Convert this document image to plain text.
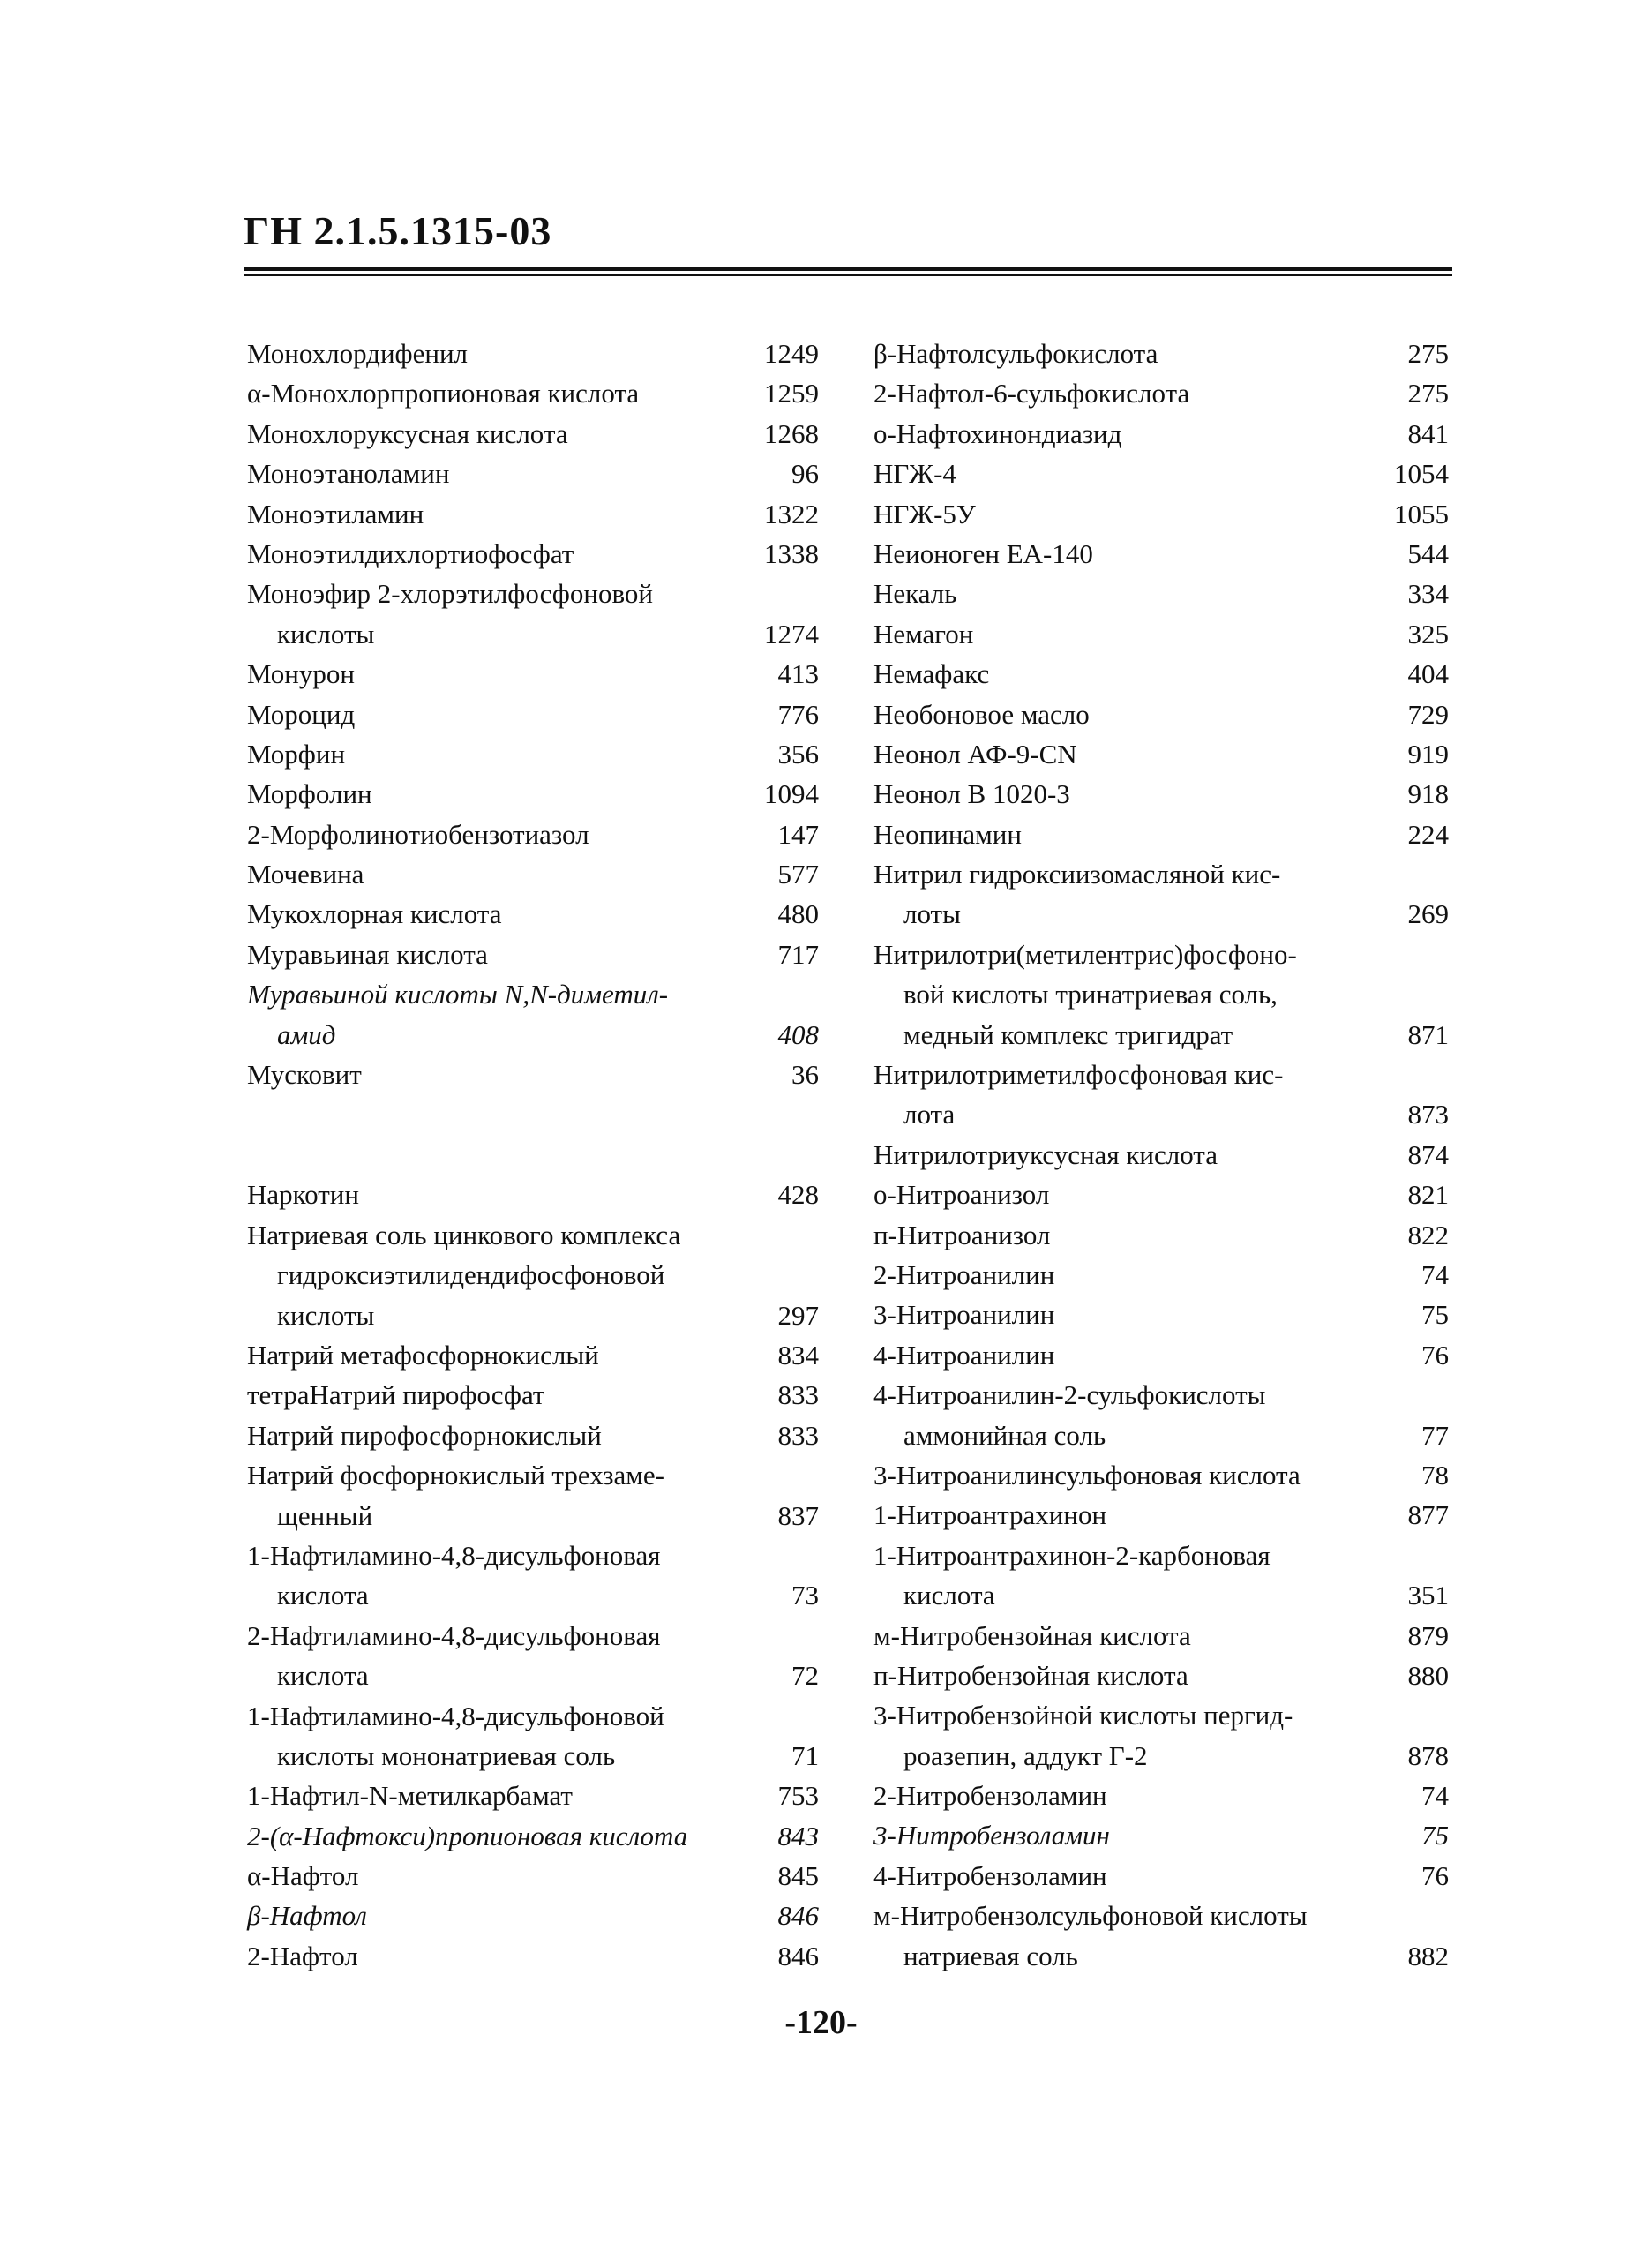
ГН 2.1.5.1315-03
Монохлордифенил	1249
α-Монохлорпропионовая кислота	1259
Монохлоруксусная кислота	1268
Моноэтаноламин	96
Моноэтиламин	1322
Моноэтилдихлортиофосфат	1338
Моноэфир 2-хлорэтилфосфоновой
кислоты	1274
Монурон	413
Мороцид	776
Морфин	356
Морфолин	1094
2-Морфолинотиобензотиазол	147
Мочевина	577
Мукохлорная кислота	480
Муравьиная кислота	717
Муравьиной кислоты N,N-диметил-
амид	408
Мусковит	36
Наркотин	428
Натриевая соль цинкового комплекса
гидроксиэтилидендифосфоновой
кислоты	297
Натрий метафосфорнокислый	834
тетраНатрий пирофосфат	833
Натрий пирофосфорнокислый	833
Натрий фосфорнокислый трехзаме-
щенный	837
1-Нафтиламино-4,8-дисульфоновая
кислота	73
2-Нафтиламино-4,8-дисульфоновая
кислота	72
1-Нафтиламино-4,8-дисульфоновой
кислоты мононатриевая соль	71
1-Нафтил-N-метилкарбамат	753
2-(α-Нафтокси)пропионовая кислота	843
α-Нафтол	845
β-Нафтол	846
2-Нафтол	846
β-Нафтолсульфокислота	275
2-Нафтол-6-сульфокислота	275
о-Нафтохинондиазид	841
НГЖ-4	1054
НГЖ-5У	1055
Неионоген ЕА-140	544
Некаль	334
Немагон	325
Немафакс	404
Необоновое масло	729
Неонол АФ-9-CN	919
Неонол В 1020-3	918
Неопинамин	224
Нитрил гидроксиизомасляной кис-
лоты	269
Нитрилотри(метилентрис)фосфоно-
вой кислоты тринатриевая соль,
медный комплекс тригидрат	871
Нитрилотриметилфосфоновая кис-
лота	873
Нитрилотриуксусная кислота	874
о-Нитроанизол	821
п-Нитроанизол	822
2-Нитроанилин	74
3-Нитроанилин	75
4-Нитроанилин	76
4-Нитроанилин-2-сульфокислоты
аммонийная соль	77
3-Нитроанилинсульфоновая кислота	78
1-Нитроантрахинон	877
1-Нитроантрахинон-2-карбоновая
кислота	351
м-Нитробензойная кислота	879
п-Нитробензойная кислота	880
3-Нитробензойной кислоты пергид-
роазепин, аддукт Г-2	878
2-Нитробензоламин	74
3-Нитробензоламин	75
4-Нитробензоламин	76
м-Нитробензолсульфоновой кислоты
натриевая соль	882
-120-
